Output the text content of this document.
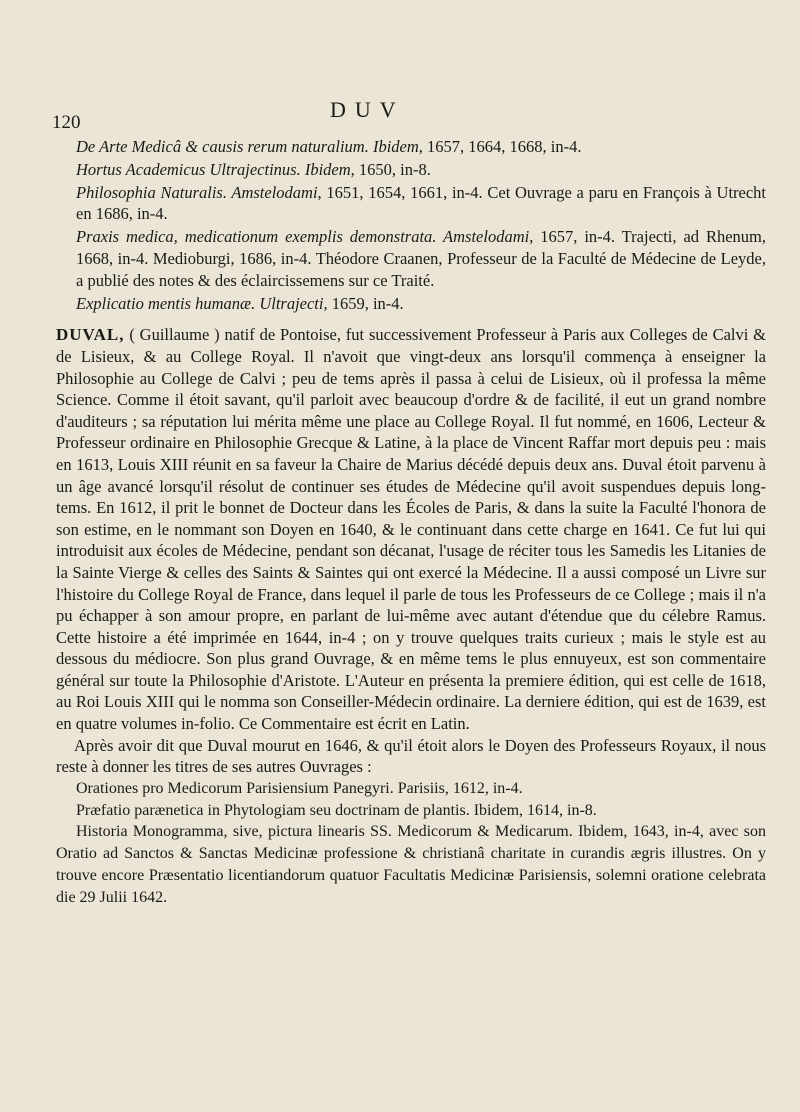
120
DUV
De Arte Medicâ & causis rerum naturalium. Ibidem, 1657, 1664, 1668, in-4.
Hortus Academicus Ultrajectinus. Ibidem, 1650, in-8.
Philosophia Naturalis. Amstelodami, 1651, 1654, 1661, in-4. Cet Ouvrage a paru en François à Utrecht en 1686, in-4.
Praxis medica, medicationum exemplis demonstrata. Amstelodami, 1657, in-4. Trajecti, ad Rhenum, 1668, in-4. Medioburgi, 1686, in-4. Théodore Craanen, Professeur de la Faculté de Médecine de Leyde, a publié des notes & des éclaircissemens sur ce Traité.
Explicatio mentis humanæ. Ultrajecti, 1659, in-4.
DUVAL, ( Guillaume ) natif de Pontoise, fut successivement Professeur à Paris aux Colleges de Calvi & de Lisieux, & au College Royal. Il n'avoit que vingt-deux ans lorsqu'il commença à enseigner la Philosophie au College de Calvi ; peu de tems après il passa à celui de Lisieux, où il professa la même Science. Comme il étoit savant, qu'il parloit avec beaucoup d'ordre & de facilité, il eut un grand nombre d'auditeurs ; sa réputation lui mérita même une place au College Royal. Il fut nommé, en 1606, Lecteur & Professeur ordinaire en Philosophie Grecque & Latine, à la place de Vincent Raffar mort depuis peu : mais en 1613, Louis XIII réunit en sa faveur la Chaire de Marius décédé depuis deux ans. Duval étoit parvenu à un âge avancé lorsqu'il résolut de continuer ses études de Médecine qu'il avoit suspendues depuis long-tems. En 1612, il prit le bonnet de Docteur dans les Écoles de Paris, & dans la suite la Faculté l'honora de son estime, en le nommant son Doyen en 1640, & le continuant dans cette charge en 1641. Ce fut lui qui introduisit aux écoles de Médecine, pendant son décanat, l'usage de réciter tous les Samedis les Litanies de la Sainte Vierge & celles des Saints & Saintes qui ont exercé la Médecine. Il a aussi composé un Livre sur l'histoire du College Royal de France, dans lequel il parle de tous les Professeurs de ce College ; mais il n'a pu échapper à son amour propre, en parlant de lui-même avec autant d'étendue que du célebre Ramus. Cette histoire a été imprimée en 1644, in-4 ; on y trouve quelques traits curieux ; mais le style est au dessous du médiocre. Son plus grand Ouvrage, & en même tems le plus ennuyeux, est son commentaire général sur toute la Philosophie d'Aristote. L'Auteur en présenta la premiere édition, qui est celle de 1618, au Roi Louis XIII qui le nomma son Conseiller-Médecin ordinaire. La derniere édition, qui est de 1639, est en quatre volumes in-folio. Ce Commentaire est écrit en Latin.
Après avoir dit que Duval mourut en 1646, & qu'il étoit alors le Doyen des Professeurs Royaux, il nous reste à donner les titres de ses autres Ouvrages :
Orationes pro Medicorum Parisiensium Panegyri. Parisiis, 1612, in-4.
Præfatio parænetica in Phytologiam seu doctrinam de plantis. Ibidem, 1614, in-8.
Historia Monogramma, sive, pictura linearis SS. Medicorum & Medicarum. Ibidem, 1643, in-4, avec son Oratio ad Sanctos & Sanctas Medicinæ professione & christianâ charitate in curandis ægris illustres. On y trouve encore Præsentatio licentiandorum quatuor Facultatis Medicinæ Parisiensis, solemni oratione celebrata die 29 Julii 1642.
